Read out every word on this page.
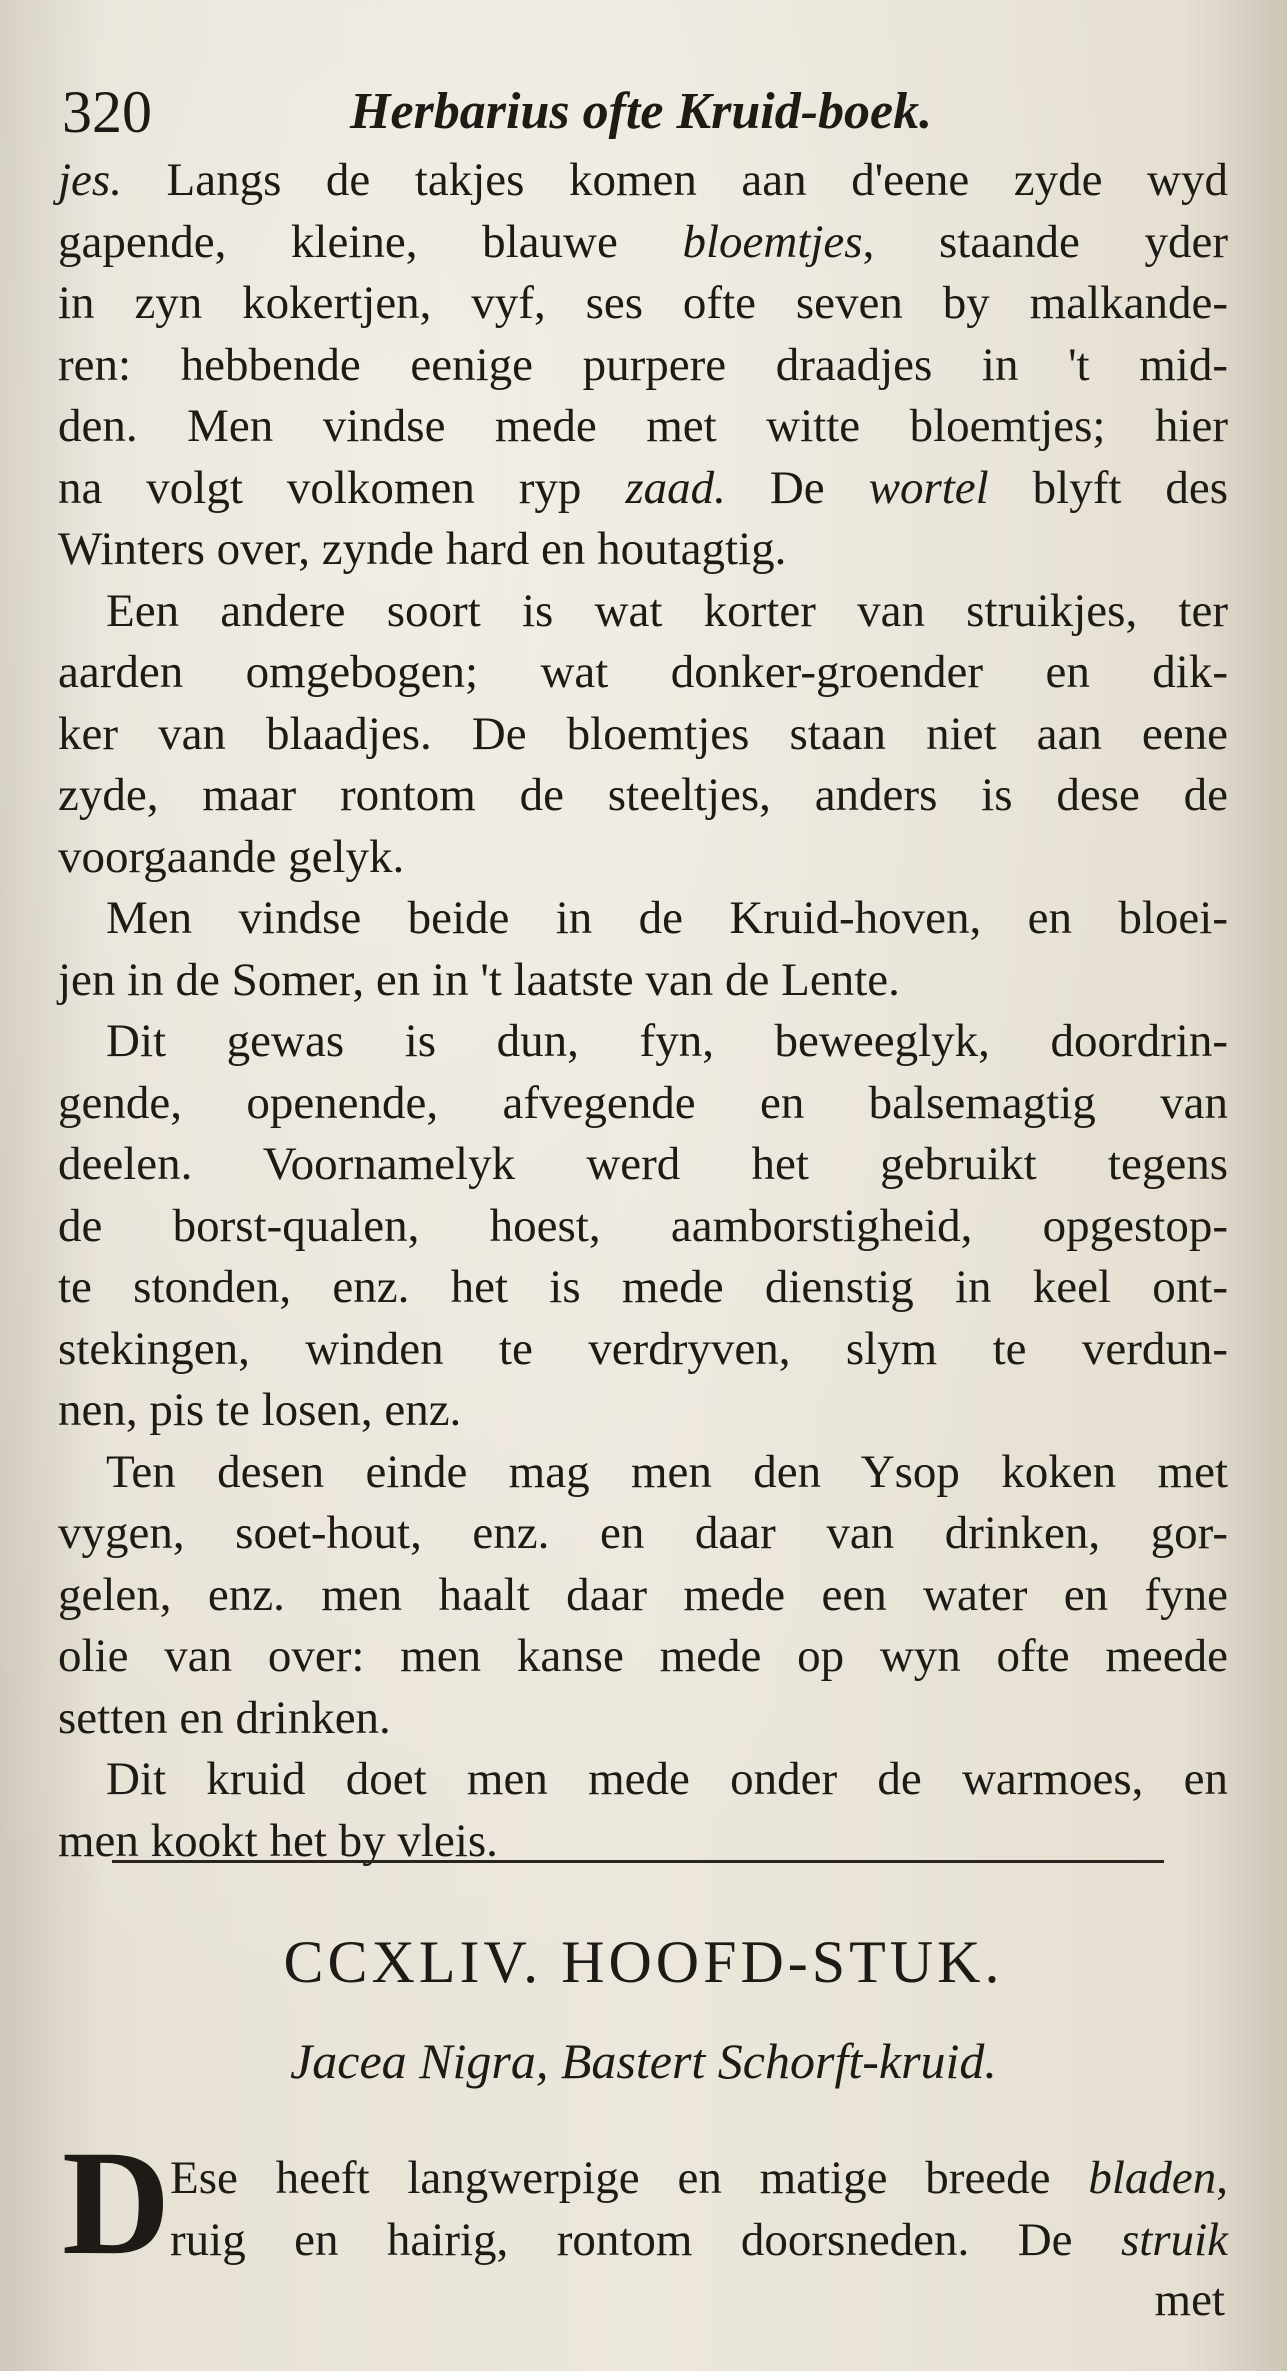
320	Herbarius ofte Kruid-boek.
jes. Langs de takjes komen aan d'eene zyde wyd
gapende, kleine, blauwe bloemtjes, staande yder
in zyn kokertjen, vyf, ses ofte seven by malkande-
ren: hebbende eenige purpere draadjes in 't mid-
den. Men vindse mede met witte bloemtjes; hier
na volgt volkomen ryp zaad. De wortel blyft des
Winters over, zynde hard en houtagtig.
Een andere soort is wat korter van struikjes, ter
aarden omgebogen; wat donker-groender en dik-
ker van blaadjes. De bloemtjes staan niet aan eene
zyde, maar rontom de steeltjes, anders is dese de
voorgaande gelyk.
Men vindse beide in de Kruid-hoven, en bloei-
jen in de Somer, en in 't laatste van de Lente.
Dit gewas is dun, fyn, beweeglyk, doordrin-
gende, openende, afvegende en balsemagtig van
deelen. Voornamelyk werd het gebruikt tegens
de borst-qualen, hoest, aamborstigheid, opgestop-
te stonden, enz. het is mede dienstig in keel ont-
stekingen, winden te verdryven, slym te verdun-
nen, pis te losen, enz.
Ten desen einde mag men den Ysop koken met
vygen, soet-hout, enz. en daar van drinken, gor-
gelen, enz. men haalt daar mede een water en fyne
olie van over: men kanse mede op wyn ofte meede
setten en drinken.
Dit kruid doet men mede onder de warmoes, en
men kookt het by vleis.
CCXLIV. HOOFD-STUK.
Jacea Nigra, Bastert Schorft-kruid.
D Ese heeft langwerpige en matige breede bladen,
ruig en hairig, rontom doorsneden. De struik
met
